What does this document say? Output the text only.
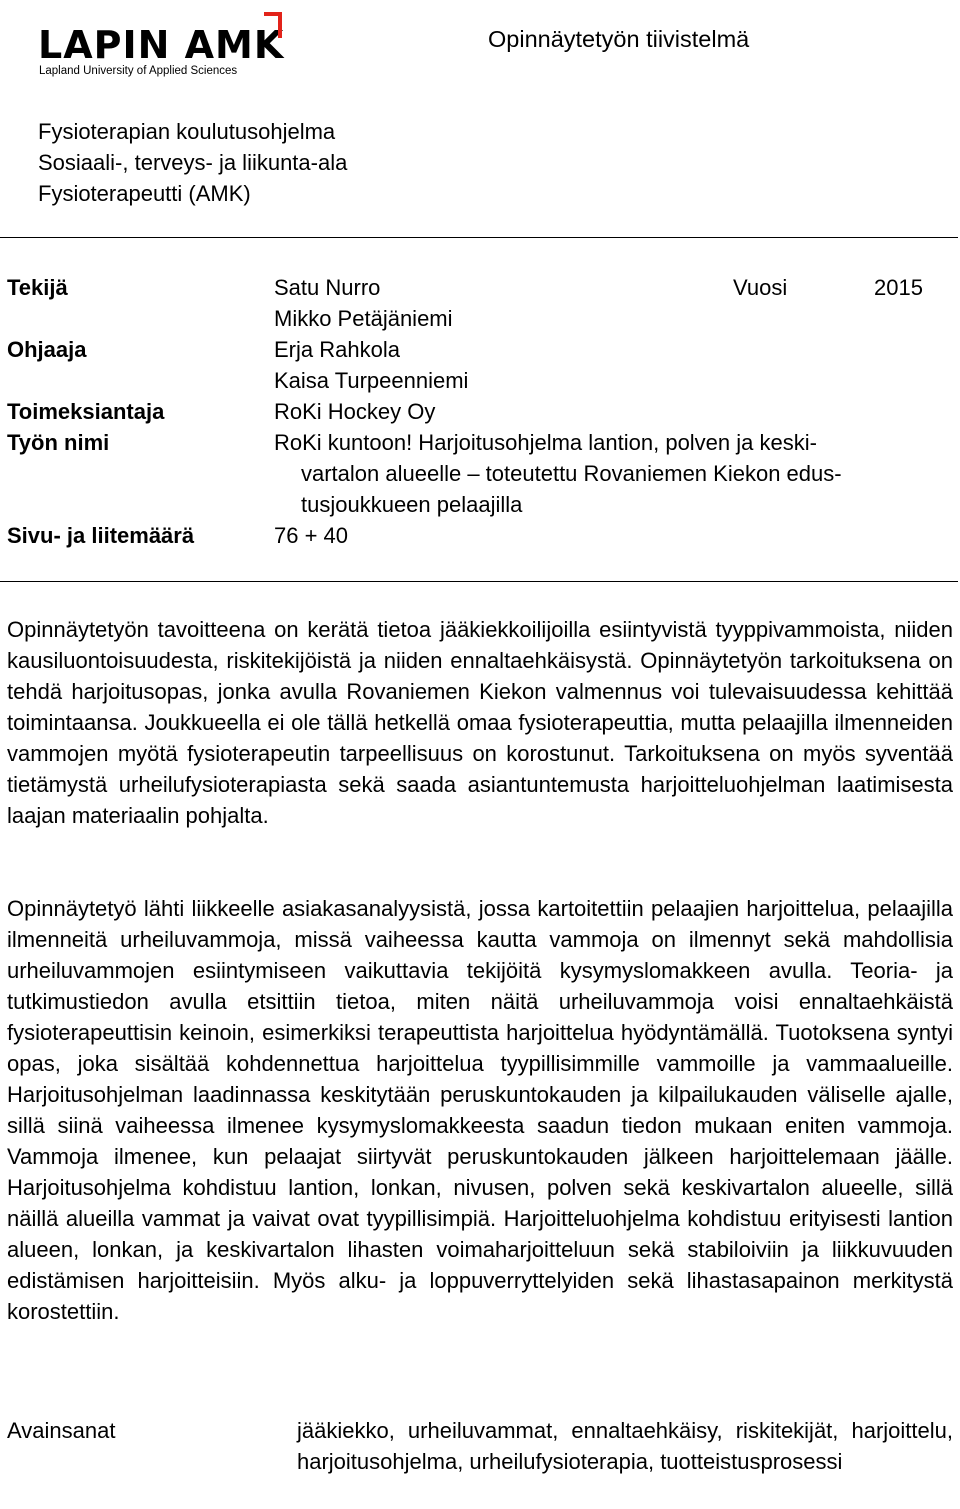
LAPIN AMK
Lapland University of Applied Sciences
Opinnäytetyön tiivistelmä
Fysioterapian koulutusohjelma
Sosiaali-, terveys- ja liikunta-ala
Fysioterapeutti (AMK)
Tekijä	Satu Nurro	Vuosi	2015
Mikko Petäjäniemi
Ohjaaja	Erja Rahkola
Kaisa Turpeenniemi
Toimeksiantaja	RoKi Hockey Oy
Työn nimi	RoKi kuntoon! Harjoitusohjelma lantion, polven ja keski-
vartalon alueelle – toteutettu Rovaniemen Kiekon edus-
tusjoukkueen pelaajilla
Sivu- ja liitemäärä	76 + 40
Opinnäytetyön tavoitteena on kerätä tietoa jääkiekkoilijoilla esiintyvistä tyyppivammoista, niiden kausiluontoisuudesta, riskitekijöistä ja niiden ennaltaehkäisystä. Opinnäytetyön tarkoituksena on tehdä harjoitusopas, jonka avulla Rovaniemen Kiekon valmennus voi tulevaisuudessa kehittää toimintaansa. Joukkueella ei ole tällä hetkellä omaa fysioterapeuttia, mutta pelaajilla ilmenneiden vammojen myötä fysioterapeutin tarpeellisuus on korostunut. Tarkoituksena on myös syventää tietämystä urheilufysioterapiasta sekä saada asiantuntemusta harjoitteluohjelman laatimisesta laajan materiaalin pohjalta.
Opinnäytetyö lähti liikkeelle asiakasanalyysistä, jossa kartoitettiin pelaajien harjoittelua, pelaajilla ilmenneitä urheiluvammoja, missä vaiheessa kautta vammoja on ilmennyt sekä mahdollisia urheiluvammojen esiintymiseen vaikuttavia tekijöitä kysymyslomakkeen avulla. Teoria- ja tutkimustiedon avulla etsittiin tietoa, miten näitä urheiluvammoja voisi ennaltaehkäistä fysioterapeuttisin keinoin, esimerkiksi terapeuttista harjoittelua hyödyntämällä. Tuotoksena syntyi opas, joka sisältää kohdennettua harjoittelua tyypillisimmille vammoille ja vammaalueille. Harjoitusohjelman laadinnassa keskitytään peruskuntokauden ja kilpailukauden väliselle ajalle, sillä siinä vaiheessa ilmenee kysymyslomakkeesta saadun tiedon mukaan eniten vammoja. Vammoja ilmenee, kun pelaajat siirtyvät peruskuntokauden jälkeen harjoittelemaan jäälle. Harjoitusohjelma kohdistuu lantion, lonkan, nivusen, polven sekä keskivartalon alueelle, sillä näillä alueilla vammat ja vaivat ovat tyypillisimpiä. Harjoitteluohjelma kohdistuu erityisesti lantion alueen, lonkan, ja keskivartalon lihasten voimaharjoitteluun sekä stabiloiviin ja liikkuvuuden edistämisen harjoitteisiin. Myös alku- ja loppuverryttelyiden sekä lihastasapainon merkitystä korostettiin.
Avainsanat	jääkiekko, urheiluvammat, ennaltaehkäisy, riskitekijät, harjoittelu, harjoitusohjelma, urheilufysioterapia, tuotteistusprosessi
